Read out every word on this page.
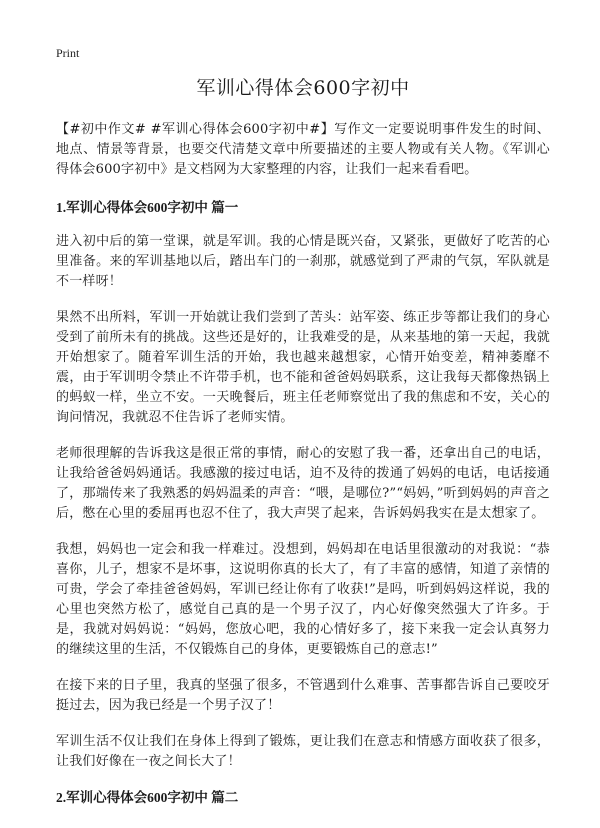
Print
军训心得体会600字初中

【#初中作文# #军训心得体会600字初中#】写作文一定要说明事件发生的时间、地点、情景等背景，也要交代清楚文章中所要描述的主要人物或有关人物。《军训心得体会600字初中》是文档网为大家整理的内容，让我们一起来看看吧。

1.军训心得体会600字初中 篇一

进入初中后的第一堂课，就是军训。我的心情是既兴奋，又紧张，更做好了吃苦的心里准备。来的军训基地以后，踏出车门的一刹那，就感觉到了严肃的气氛，军队就是不一样呀！

果然不出所料，军训一开始就让我们尝到了苦头：站军姿、练正步等都让我们的身心受到了前所未有的挑战。这些还是好的，让我难受的是，从来基地的第一天起，我就开始想家了。随着军训生活的开始，我也越来越想家，心情开始变差，精神萎靡不震，由于军训明令禁止不许带手机，也不能和爸爸妈妈联系，这让我每天都像热锅上的蚂蚁一样，坐立不安。一天晚餐后，班主任老师察觉出了我的焦虑和不安，关心的询问情况，我就忍不住告诉了老师实情。

老师很理解的告诉我这是很正常的事情，耐心的安慰了我一番，还拿出自己的电话，让我给爸爸妈妈通话。我感激的接过电话，迫不及待的拨通了妈妈的电话，电话接通了，那端传来了我熟悉的妈妈温柔的声音：“喂，是哪位?”“妈妈，”听到妈妈的声音之后，憋在心里的委屈再也忍不住了，我大声哭了起来，告诉妈妈我实在是太想家了。

我想，妈妈也一定会和我一样难过。没想到，妈妈却在电话里很激动的对我说：“恭喜你，儿子，想家不是坏事，这说明你真的长大了，有了丰富的感情，知道了亲情的可贵，学会了牵挂爸爸妈妈，军训已经让你有了收获!”是吗，听到妈妈这样说，我的心里也突然方松了，感觉自己真的是一个男子汉了，内心好像突然强大了许多。于是，我就对妈妈说：“妈妈，您放心吧，我的心情好多了，接下来我一定会认真努力的继续这里的生活，不仅锻炼自己的身体，更要锻炼自己的意志!”

在接下来的日子里，我真的坚强了很多，不管遇到什么难事、苦事都告诉自己要咬牙挺过去，因为我已经是一个男子汉了！

军训生活不仅让我们在身体上得到了锻炼，更让我们在意志和情感方面收获了很多，让我们好像在一夜之间长大了！

2.军训心得体会600字初中 篇二
